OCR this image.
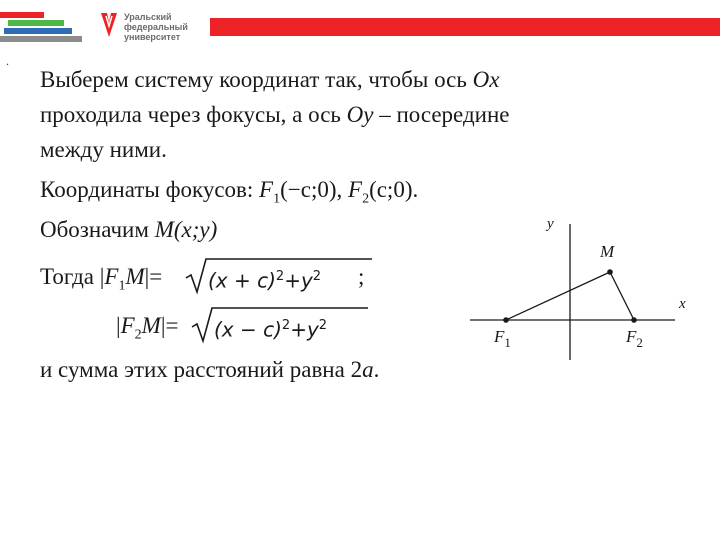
Уральский
федеральный
университет
.
Выберем систему координат так, чтобы ось Ox
проходила через фокусы, а ось Oy – посередине
между ними.
Координаты фокусов: $F_1(-c;0)$, $F_2(c;0)$.
Обозначим M(x;y)
Тогда $|F_1M|= (x + c)^2+y^2$ ;
$|F_2M|= (x - c)^2+y^2$
и сумма этих расстояний равна 2a.
y
x
M
$F_1$	$F_2$
